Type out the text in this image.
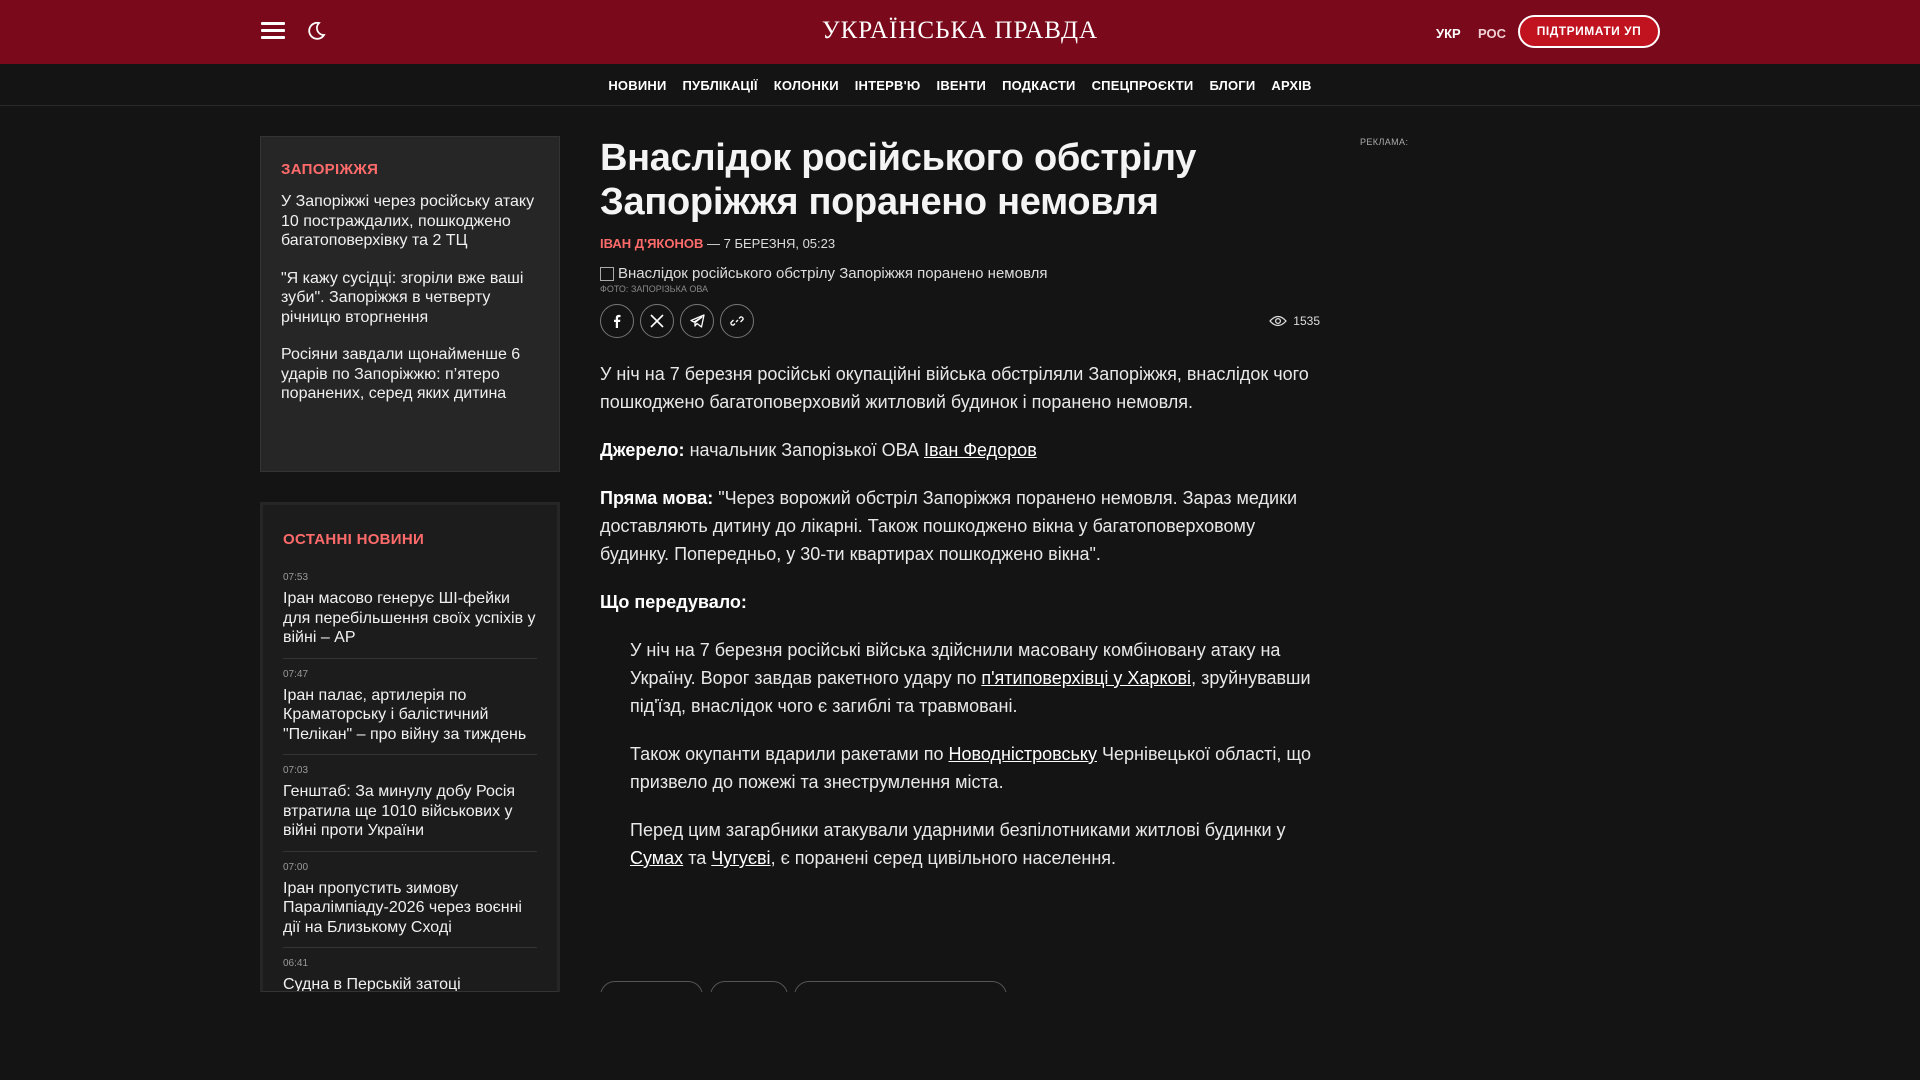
УКРАЇНСЬКА ПРАВДА	УКР РОС	ПІДТРИМАТИ УП
НОВИНИ ПУБЛІКАЦІЇ КОЛОНКИ ІНТЕРВ'Ю ІВЕНТИ ПОДКАСТИ СПЕЦПРОЄКТИ БЛОГИ АРХІВ
ЗАПОРІЖЖЯ
У Запоріжжі через російську атаку 10 постраждалих, пошкоджено багатоповерхівку та 2 ТЦ
"Я кажу сусідці: згоріли вже ваші зуби". Запоріжжя в четверту річницю вторгнення
Росіяни завдали щонайменше 6 ударів по Запоріжжю: п’ятеро поранених, серед яких дитина
ОСТАННІ НОВИНИ
07:53
Іран масово генерує ШІ-фейки для перебільшення своїх успіхів у війні – AP
07:47
Іран палає, артилерія по Краматорську і балістичний "Пелікан" – про війну за тиждень
07:03
Генштаб: За минулу добу Росія втратила ще 1010 військових у війні проти України
07:00
Іран пропустить зимову Паралімпіаду-2026 через воєнні дії на Близькому Сході
06:41
Судна в Перській затоці
Внаслідок російського обстрілу Запоріжжя поранено немовля
ІВАН Д'ЯКОНОВ — 7 БЕРЕЗНЯ, 05:23
Внаслідок російського обстрілу Запоріжжя поранено немовля
ФОТО: ЗАПОРІЗЬКА ОВА
1535

У ніч на 7 березня російські окупаційні війська обстріляли Запоріжжя, внаслідок чого пошкоджено багатоповерховий житловий будинок і поранено немовля.

Джерело: начальник Запорізької ОВА Іван Федоров

Пряма мова: "Через ворожий обстріл Запоріжжя поранено немовля. Зараз медики доставляють дитину до лікарні. Також пошкоджено вікна у багатоповерховому будинку. Попередньо, у 30-ти квартирах пошкоджено вікна".

Що передувало:

У ніч на 7 березня російські війська здійснили масовану комбіновану атаку на Україну. Ворог завдав ракетного удару по п'ятиповерхівці у Харкові, зруйнувавши під'їзд, внаслідок чого є загиблі та травмовані.

Також окупанти вдарили ракетами по Новодністровську Чернівецької області, що призвело до пожежі та знеструмлення міста.

Перед цим загарбники атакували ударними безпілотниками житлові будинки у Сумах та Чугуєві, є поранені серед цивільного населення.

РЕКЛАМА:
